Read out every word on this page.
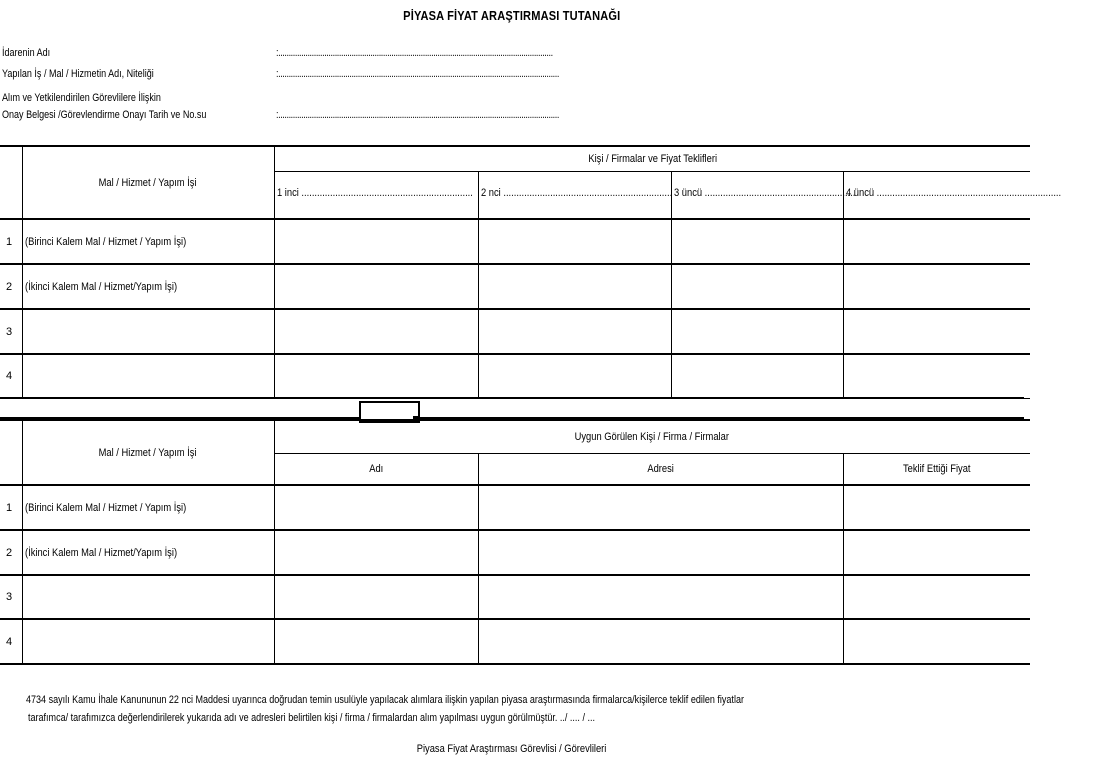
PİYASA FİYAT ARAŞTIRMASI TUTANAĞI
İdarenin Adı	:...................................................................................................................................
Yapılan İş / Mal / Hizmetin Adı, Niteliği	:......................................................................................................................................
Alım ve Yetkilendirilen Görevlilere İlişkin
Onay Belgesi /Görevlendirme Onayı Tarih ve No.su	:......................................................................................................................................
	Mal / Hizmet / Yapım İşi	Kişi / Firmalar ve Fiyat Teklifleri			
		1 inci ..................................................................	2 nci .................................................................	3 üncü ..........................................................	4 üncü .......................................................................
1	(Birinci Kalem Mal / Hizmet / Yapım İşi)				
2	(İkinci Kalem Mal / Hizmet/Yapım İşi)				
3					
4					
	Mal / Hizmet / Yapım İşi	Uygun Görülen Kişi / Firma / Firmalar		
		Adı	Adresi	Teklif Ettiği Fiyat
1	(Birinci Kalem Mal / Hizmet / Yapım İşi)			
2	(İkinci Kalem Mal / Hizmet/Yapım İşi)			
3				
4				
4734 sayılı Kamu İhale Kanununun 22 nci Maddesi uyarınca doğrudan temin usulüyle yapılacak alımlara ilişkin yapılan piyasa araştırmasında firmalarca/kişilerce teklif edilen fiyatlar
tarafımca/ tarafımızca değerlendirilerek yukarıda adı ve adresleri belirtilen kişi / firma / firmalardan alım yapılması uygun görülmüştür. ../ .... / ...
Piyasa Fiyat Araştırması Görevlisi / Görevlileri
